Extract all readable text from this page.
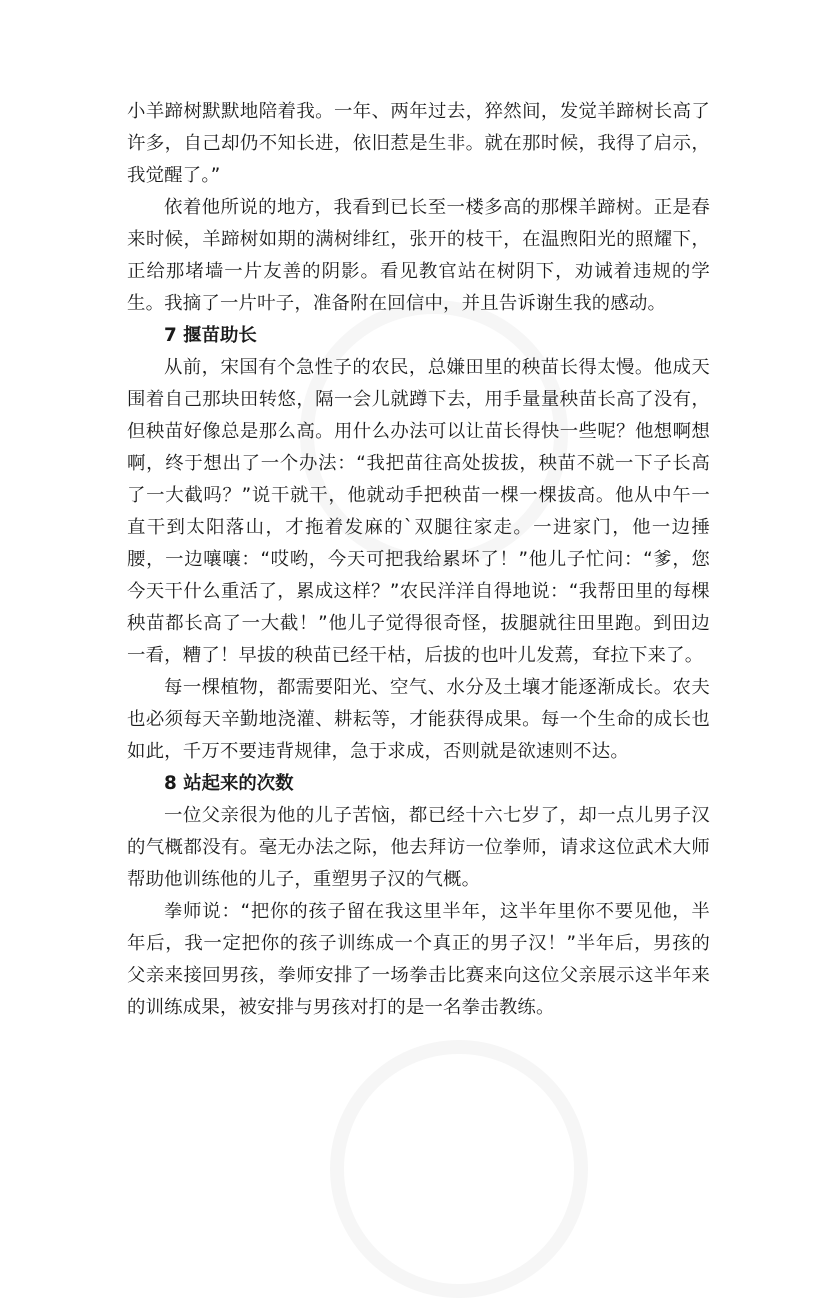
小羊蹄树默默地陪着我。一年、两年过去，猝然间，发觉羊蹄树长高了许多，自己却仍不知长进，依旧惹是生非。就在那时候，我得了启示，我觉醒了。”

依着他所说的地方，我看到已长至一楼多高的那棵羊蹄树。正是春来时候，羊蹄树如期的满树绯红，张开的枝干，在温煦阳光的照耀下，正给那堵墙一片友善的阴影。看见教官站在树阴下，劝诫着违规的学生。我摘了一片叶子，准备附在回信中，并且告诉谢生我的感动。

7 揠苗助长

从前，宋国有个急性子的农民，总嫌田里的秧苗长得太慢。他成天围着自己那块田转悠，隔一会儿就蹲下去，用手量量秧苗长高了没有，但秧苗好像总是那么高。用什么办法可以让苗长得快一些呢？他想啊想啊，终于想出了一个办法：“我把苗往高处拔拔，秧苗不就一下子长高了一大截吗？”说干就干，他就动手把秧苗一棵一棵拔高。他从中午一直干到太阳落山，才拖着发麻的`双腿往家走。一进家门，他一边捶腰，一边嚷嚷：“哎哟，今天可把我给累坏了！”他儿子忙问：“爹，您今天干什么重活了，累成这样？”农民洋洋自得地说：“我帮田里的每棵秧苗都长高了一大截！”他儿子觉得很奇怪，拔腿就往田里跑。到田边一看，糟了！早拔的秧苗已经干枯，后拔的也叶儿发蔫，耷拉下来了。

每一棵植物，都需要阳光、空气、水分及土壤才能逐渐成长。农夫也必须每天辛勤地浇灌、耕耘等，才能获得成果。每一个生命的成长也如此，千万不要违背规律，急于求成，否则就是欲速则不达。

8 站起来的次数

一位父亲很为他的儿子苦恼，都已经十六七岁了，却一点儿男子汉的气概都没有。毫无办法之际，他去拜访一位拳师，请求这位武术大师帮助他训练他的儿子，重塑男子汉的气概。

拳师说：“把你的孩子留在我这里半年，这半年里你不要见他，半年后，我一定把你的孩子训练成一个真正的男子汉！”半年后，男孩的父亲来接回男孩，拳师安排了一场拳击比赛来向这位父亲展示这半年来的训练成果，被安排与男孩对打的是一名拳击教练。
